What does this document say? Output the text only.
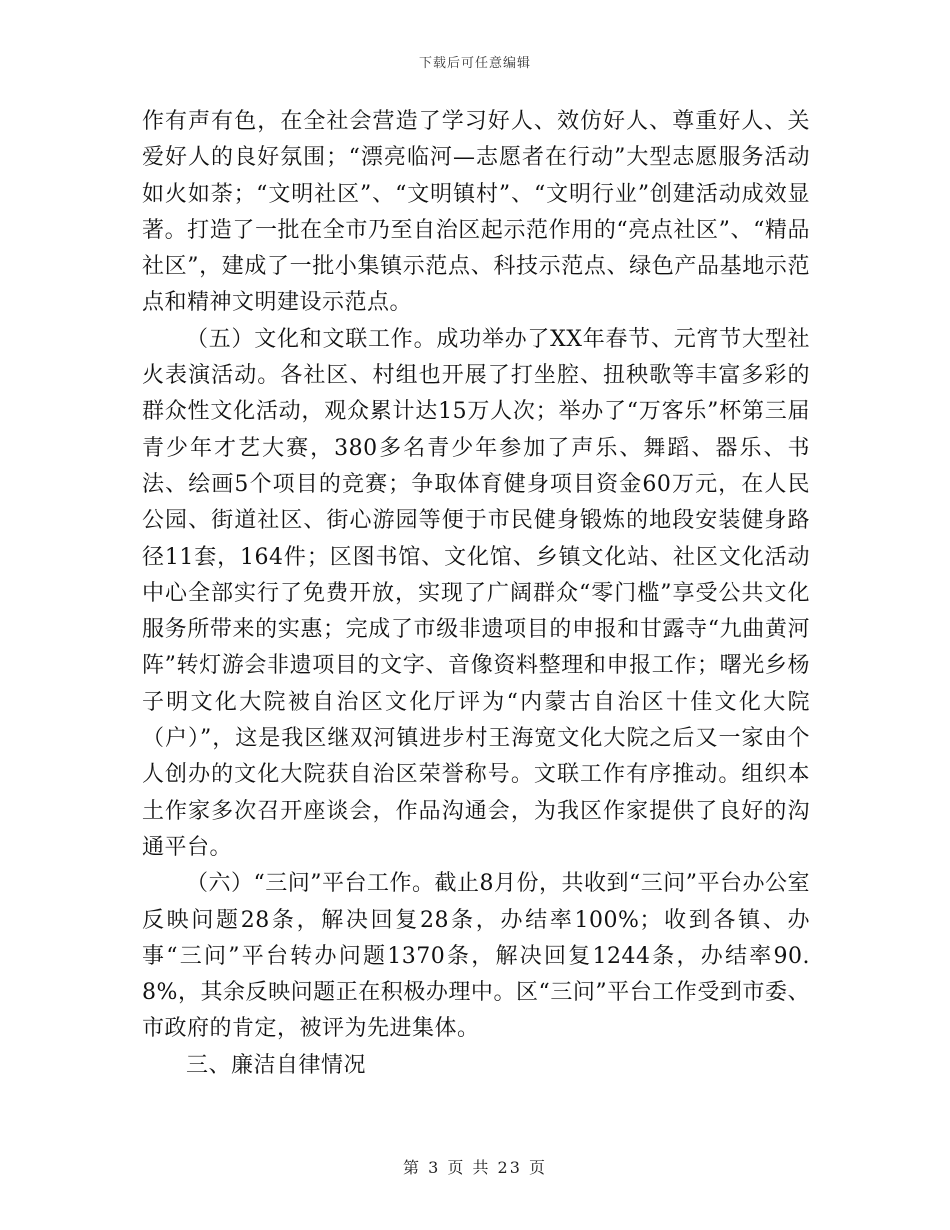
下载后可任意编辑

作有声有色，在全社会营造了学习好人、效仿好人、尊重好人、关爱好人的良好氛围；“漂亮临河—志愿者在行动”大型志愿服务活动如火如荼；“文明社区”、“文明镇村”、“文明行业”创建活动成效显著。打造了一批在全市乃至自治区起示范作用的“亮点社区”、“精品社区”，建成了一批小集镇示范点、科技示范点、绿色产品基地示范点和精神文明建设示范点。

（五）文化和文联工作。成功举办了XX年春节、元宵节大型社火表演活动。各社区、村组也开展了打坐腔、扭秧歌等丰富多彩的群众性文化活动，观众累计达15万人次；举办了“万客乐”杯第三届青少年才艺大赛，380多名青少年参加了声乐、舞蹈、器乐、书法、绘画5个项目的竞赛；争取体育健身项目资金60万元，在人民公园、街道社区、街心游园等便于市民健身锻炼的地段安装健身路径11套，164件；区图书馆、文化馆、乡镇文化站、社区文化活动中心全部实行了免费开放，实现了广阔群众“零门槛”享受公共文化服务所带来的实惠；完成了市级非遗项目的申报和甘露寺“九曲黄河阵”转灯游会非遗项目的文字、音像资料整理和申报工作；曙光乡杨子明文化大院被自治区文化厅评为“内蒙古自治区十佳文化大院（户）”，这是我区继双河镇进步村王海宽文化大院之后又一家由个人创办的文化大院获自治区荣誉称号。文联工作有序推动。组织本土作家多次召开座谈会，作品沟通会，为我区作家提供了良好的沟通平台。

（六）“三问”平台工作。截止8月份，共收到“三问”平台办公室反映问题28条，解决回复28条，办结率100%；收到各镇、办事“三问”平台转办问题1370条，解决回复1244条，办结率90.8%，其余反映问题正在积极办理中。区“三问”平台工作受到市委、市政府的肯定，被评为先进集体。

三、廉洁自律情况

第 3 页 共 23 页
